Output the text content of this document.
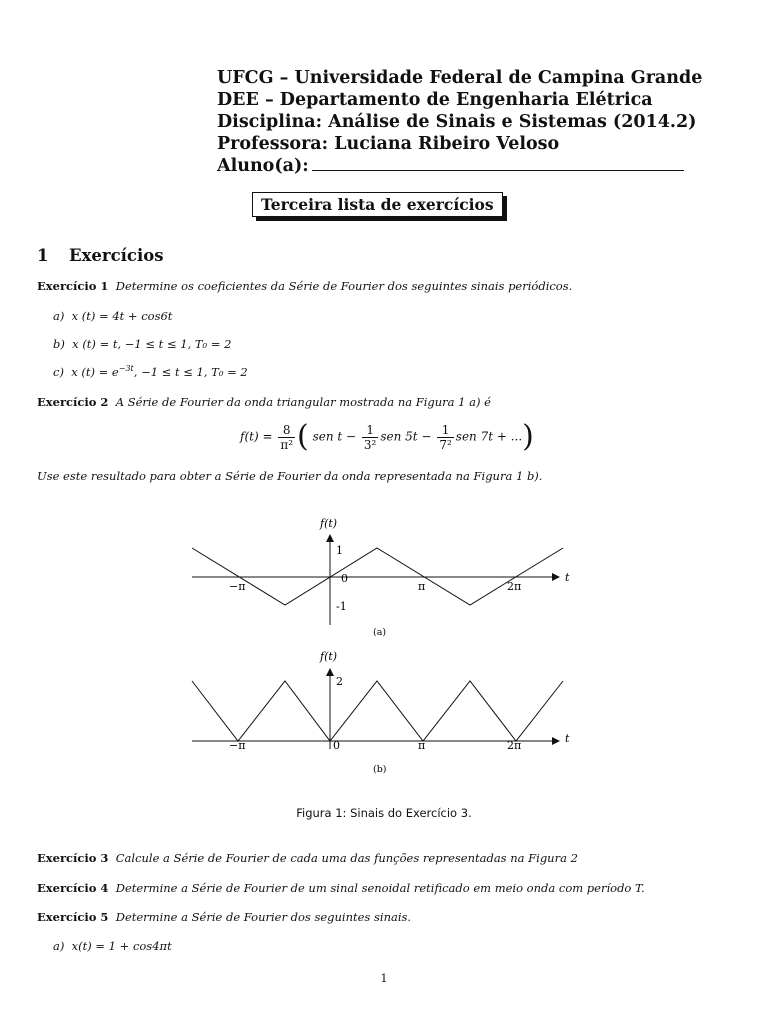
UFCG – Universidade Federal de Campina Grande
DEE – Departamento de Engenharia Elétrica
Disciplina: Análise de Sinais e Sistemas (2014.2)
Professora: Luciana Ribeiro Veloso
Aluno(a):
Terceira lista de exercícios
1 Exercícios
Exercício 1 Determine os coeficientes da Série de Fourier dos seguintes sinais periódicos.
a) x (t) = 4t + cos6t
b) x (t) = t, −1 ≤ t ≤ 1, T₀ = 2
c) x $(t) = e^{-3t}$, −1 ≤ t ≤ 1, T₀ = 2
Exercício 2 A Série de Fourier da onda triangular mostrada na Figura 1 a) é
$f(t) = \frac{8}{\text{π²}}$ ( sen $t - \frac{1}{\text{3²}}$ sen $5t - \frac{1}{\text{7²}}$ sen 7t + ...)
Use este resultado para obter a Série de Fourier da onda representada na Figura 1 b).
f(t)
t
1
-1
−π
0
π	2π
(a)
f(t)
t
2
−π	0	π	2π
(b)
Figura 1: Sinais do Exercício 3.
Exercício 3 Calcule a Série de Fourier de cada uma das funções representadas na Figura 2
Exercício 4 Determine a Série de Fourier de um sinal senoidal retificado em meio onda com período T.
Exercício 5 Determine a Série de Fourier dos seguintes sinais.
a) x(t) = 1 + cos4πt
1
